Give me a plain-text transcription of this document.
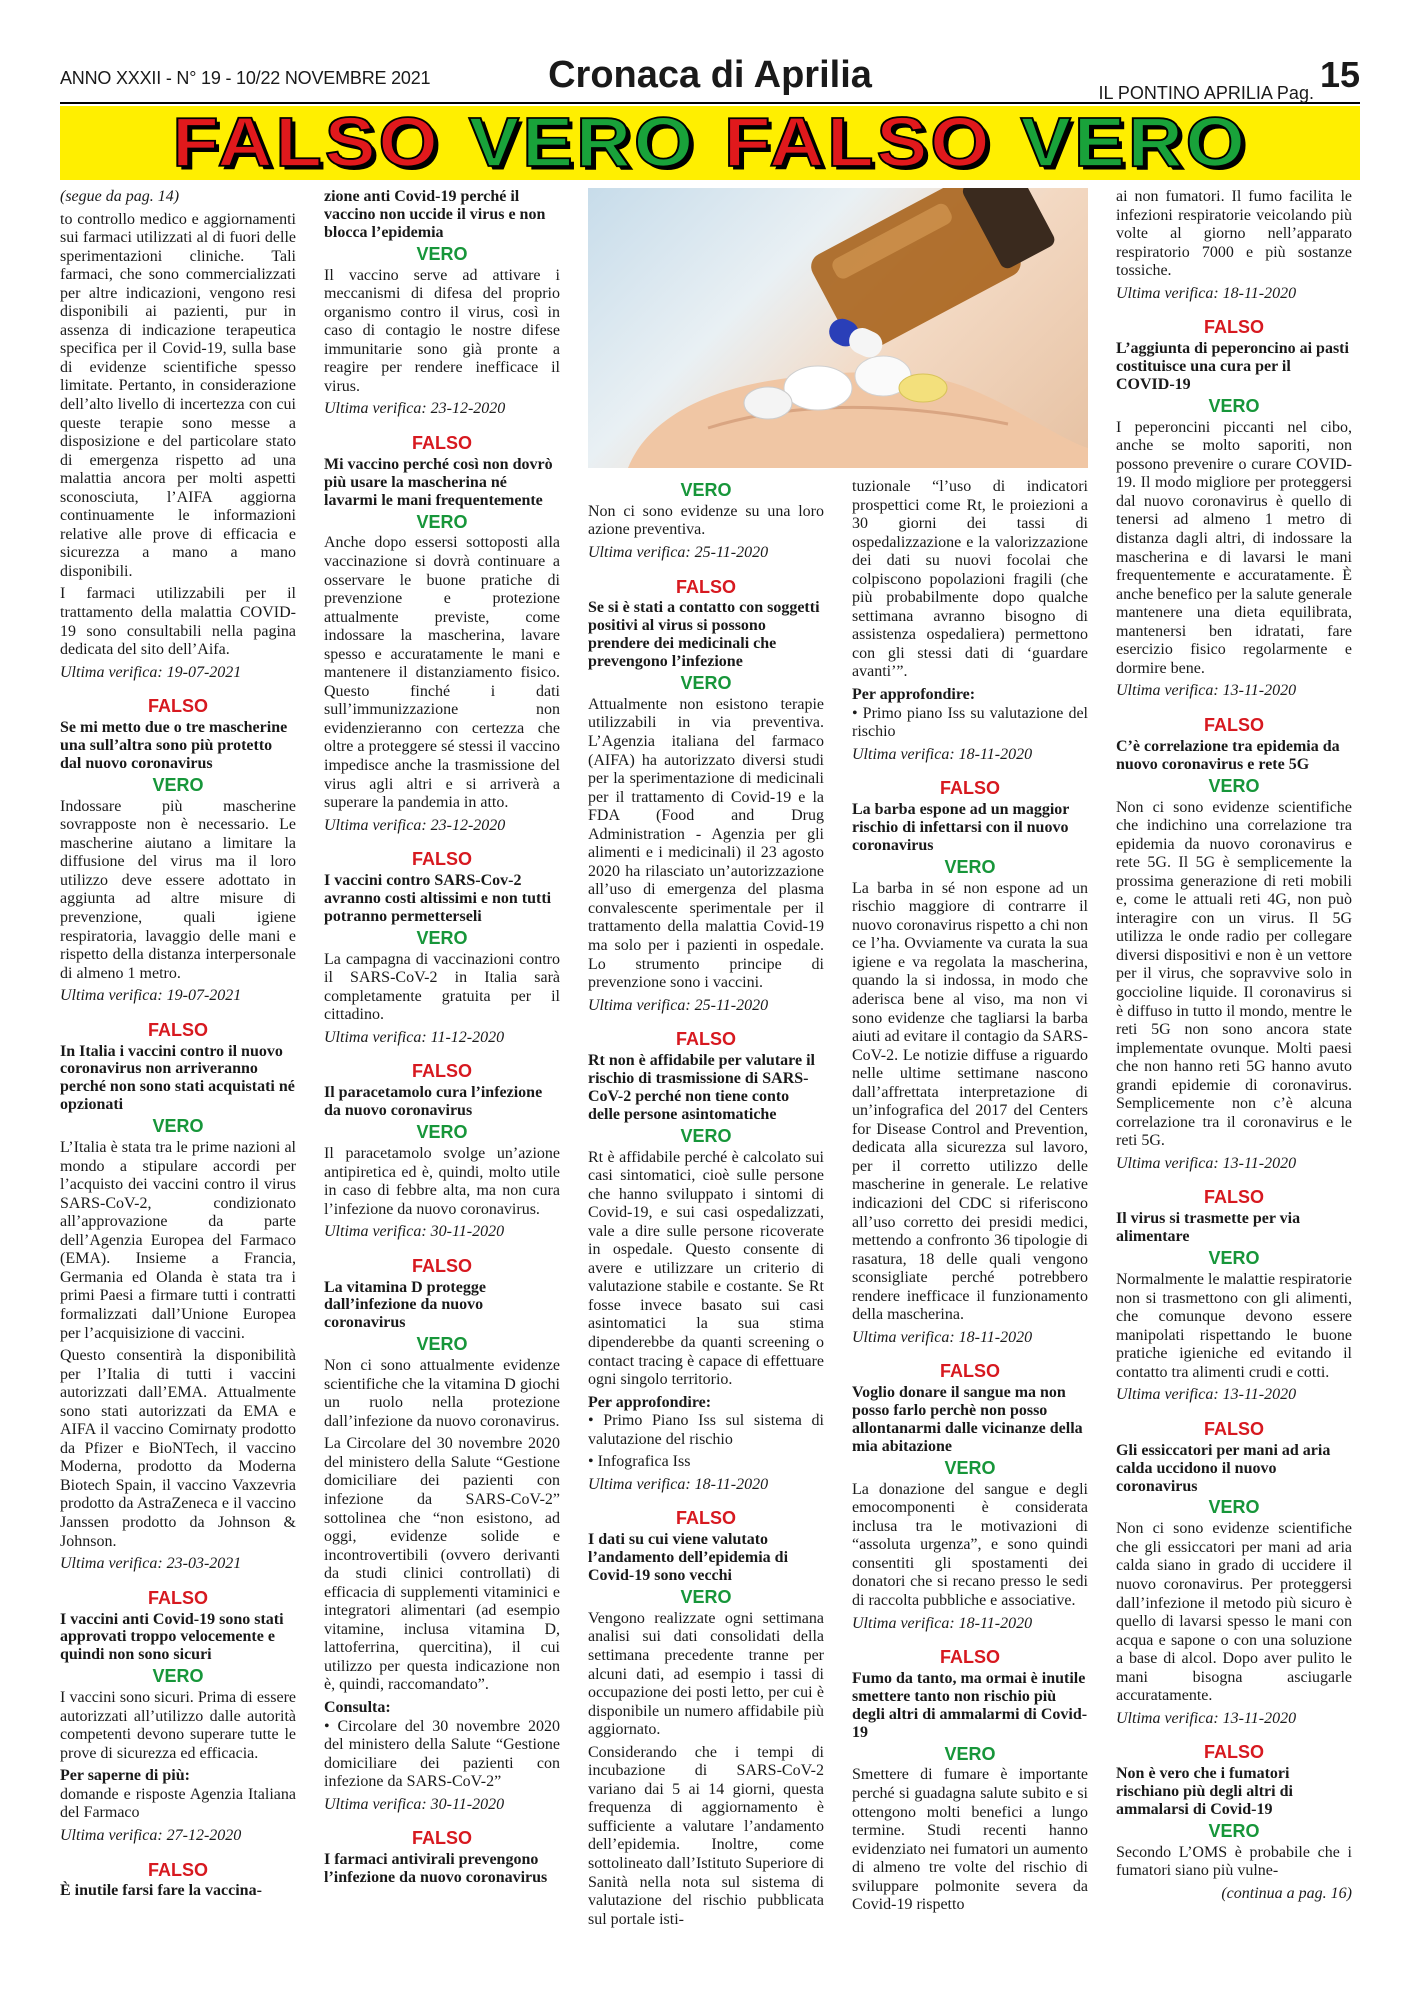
ANNO XXXII - N° 19 - 10/22 NOVEMBRE 2021	Cronaca di Aprilia	IL PONTINO APRILIA Pag. 15
FALSO VERO FALSO VERO

(segue da pag. 14)

to controllo medico e aggiornamenti sui farmaci utilizzati al di fuori delle sperimentazioni cliniche. Tali farmaci, che sono commercializzati per altre indicazioni, vengono resi disponibili ai pazienti, pur in assenza di indicazione terapeutica specifica per il Covid-19, sulla base di evidenze scientifiche spesso limitate. Pertanto, in considerazione dell’alto livello di incertezza con cui queste terapie sono messe a disposizione e del particolare stato di emergenza rispetto ad una malattia ancora per molti aspetti sconosciuta, l’AIFA aggiorna continuamente le informazioni relative alle prove di efficacia e sicurezza a mano a mano disponibili.

I farmaci utilizzabili per il trattamento della malattia COVID-19 sono consultabili nella pagina dedicata del sito dell’Aifa.

Ultima verifica: 19-07-2021

FALSO

Se mi metto due o tre mascherine una sull’altra sono più protetto dal nuovo coronavirus

VERO

Indossare più mascherine sovrapposte non è necessario. Le mascherine aiutano a limitare la diffusione del virus ma il loro utilizzo deve essere adottato in aggiunta ad altre misure di prevenzione, quali igiene respiratoria, lavaggio delle mani e rispetto della distanza interpersonale di almeno 1 metro.

Ultima verifica: 19-07-2021

FALSO

In Italia i vaccini contro il nuovo coronavirus non arriveranno perché non sono stati acquistati né opzionati

VERO

L’Italia è stata tra le prime nazioni al mondo a stipulare accordi per l’acquisto dei vaccini contro il virus SARS-CoV-2, condizionato all’approvazione da parte dell’Agenzia Europea del Farmaco (EMA). Insieme a Francia, Germania ed Olanda è stata tra i primi Paesi a firmare tutti i contratti formalizzati dall’Unione Europea per l’acquisizione di vaccini.

Questo consentirà la disponibilità per l’Italia di tutti i vaccini autorizzati dall’EMA. Attualmente sono stati autorizzati da EMA e AIFA il vaccino Comirnaty prodotto da Pfizer e BioNTech, il vaccino Moderna, prodotto da Moderna Biotech Spain, il vaccino Vaxzevria prodotto da AstraZeneca e il vaccino Janssen prodotto da Johnson & Johnson.

Ultima verifica: 23-03-2021

FALSO

I vaccini anti Covid-19 sono stati approvati troppo velocemente e quindi non sono sicuri

VERO

I vaccini sono sicuri. Prima di essere autorizzati all’utilizzo dalle autorità competenti devono superare tutte le prove di sicurezza ed efficacia.

Per saperne di più:

domande e risposte Agenzia Italiana del Farmaco

Ultima verifica: 27-12-2020

FALSO

È inutile farsi fare la vaccina-

zione anti Covid-19 perché il vaccino non uccide il virus e non blocca l’epidemia

VERO

Il vaccino serve ad attivare i meccanismi di difesa del proprio organismo contro il virus, così in caso di contagio le nostre difese immunitarie sono già pronte a reagire per rendere inefficace il virus.

Ultima verifica: 23-12-2020

FALSO

Mi vaccino perché così non dovrò più usare la mascherina né lavarmi le mani frequentemente

VERO

Anche dopo essersi sottoposti alla vaccinazione si dovrà continuare a osservare le buone pratiche di prevenzione e protezione attualmente previste, come indossare la mascherina, lavare spesso e accuratamente le mani e mantenere il distanziamento fisico. Questo finché i dati sull’immunizzazione non evidenzieranno con certezza che oltre a proteggere sé stessi il vaccino impedisce anche la trasmissione del virus agli altri e si arriverà a superare la pandemia in atto.

Ultima verifica: 23-12-2020

FALSO

I vaccini contro SARS-Cov-2 avranno costi altissimi e non tutti potranno permetterseli

VERO

La campagna di vaccinazioni contro il SARS-CoV-2 in Italia sarà completamente gratuita per il cittadino.

Ultima verifica: 11-12-2020

FALSO

Il paracetamolo cura l’infezione da nuovo coronavirus

VERO

Il paracetamolo svolge un’azione antipiretica ed è, quindi, molto utile in caso di febbre alta, ma non cura l’infezione da nuovo coronavirus.

Ultima verifica: 30-11-2020

FALSO

La vitamina D protegge dall’infezione da nuovo coronavirus

VERO

Non ci sono attualmente evidenze scientifiche che la vitamina D giochi un ruolo nella protezione dall’infezione da nuovo coronavirus.

La Circolare del 30 novembre 2020 del ministero della Salute “Gestione domiciliare dei pazienti con infezione da SARS-CoV-2” sottolinea che “non esistono, ad oggi, evidenze solide e incontrovertibili (ovvero derivanti da studi clinici controllati) di efficacia di supplementi vitaminici e integratori alimentari (ad esempio vitamine, inclusa vitamina D, lattoferrina, quercitina), il cui utilizzo per questa indicazione non è, quindi, raccomandato”.

Consulta:

• Circolare del 30 novembre 2020 del ministero della Salute “Gestione domiciliare dei pazienti con infezione da SARS-CoV-2”

Ultima verifica: 30-11-2020

FALSO

I farmaci antivirali prevengono l’infezione da nuovo coronavirus

VERO

Non ci sono evidenze su una loro azione preventiva.

Ultima verifica: 25-11-2020

FALSO

Se si è stati a contatto con soggetti positivi al virus si possono prendere dei medicinali che prevengono l’infezione

VERO

Attualmente non esistono terapie utilizzabili in via preventiva. L’Agenzia italiana del farmaco (AIFA) ha autorizzato diversi studi per la sperimentazione di medicinali per il trattamento di Covid-19 e la FDA (Food and Drug Administration - Agenzia per gli alimenti e i medicinali) il 23 agosto 2020 ha rilasciato un’autorizzazione all’uso di emergenza del plasma convalescente sperimentale per il trattamento della malattia Covid-19 ma solo per i pazienti in ospedale. Lo strumento principe di prevenzione sono i vaccini.

Ultima verifica: 25-11-2020

FALSO

Rt non è affidabile per valutare il rischio di trasmissione di SARS-CoV-2 perché non tiene conto delle persone asintomatiche

VERO

Rt è affidabile perché è calcolato sui casi sintomatici, cioè sulle persone che hanno sviluppato i sintomi di Covid-19, e sui casi ospedalizzati, vale a dire sulle persone ricoverate in ospedale. Questo consente di avere e utilizzare un criterio di valutazione stabile e costante. Se Rt fosse invece basato sui casi asintomatici la sua stima dipenderebbe da quanti screening o contact tracing è capace di effettuare ogni singolo territorio.

Per approfondire:

• Primo Piano Iss sul sistema di valutazione del rischio

• Infografica Iss

Ultima verifica: 18-11-2020

FALSO

I dati su cui viene valutato l’andamento dell’epidemia di Covid-19 sono vecchi

VERO

Vengono realizzate ogni settimana analisi sui dati consolidati della settimana precedente tranne per alcuni dati, ad esempio i tassi di occupazione dei posti letto, per cui è disponibile un numero affidabile più aggiornato.

Considerando che i tempi di incubazione di SARS-CoV-2 variano dai 5 ai 14 giorni, questa frequenza di aggiornamento è sufficiente a valutare l’andamento dell’epidemia. Inoltre, come sottolineato dall’Istituto Superiore di Sanità nella nota sul sistema di valutazione del rischio pubblicata sul portale isti-

tuzionale “l’uso di indicatori prospettici come Rt, le proiezioni a 30 giorni dei tassi di ospedalizzazione e la valorizzazione dei dati su nuovi focolai che colpiscono popolazioni fragili (che più probabilmente dopo qualche settimana avranno bisogno di assistenza ospedaliera) permettono con gli stessi dati di ‘guardare avanti’”.

Per approfondire:

• Primo piano Iss su valutazione del rischio

Ultima verifica: 18-11-2020

FALSO

La barba espone ad un maggior rischio di infettarsi con il nuovo coronavirus

VERO

La barba in sé non espone ad un rischio maggiore di contrarre il nuovo coronavirus rispetto a chi non ce l’ha. Ovviamente va curata la sua igiene e va regolata la mascherina, quando la si indossa, in modo che aderisca bene al viso, ma non vi sono evidenze che tagliarsi la barba aiuti ad evitare il contagio da SARS-CoV-2. Le notizie diffuse a riguardo nelle ultime settimane nascono dall’affrettata interpretazione di un’infografica del 2017 del Centers for Disease Control and Prevention, dedicata alla sicurezza sul lavoro, per il corretto utilizzo delle mascherine in generale. Le relative indicazioni del CDC si riferiscono all’uso corretto dei presidi medici, mettendo a confronto 36 tipologie di rasatura, 18 delle quali vengono sconsigliate perché potrebbero rendere inefficace il funzionamento della mascherina.

Ultima verifica: 18-11-2020

FALSO

Voglio donare il sangue ma non posso farlo perchè non posso allontanarmi dalle vicinanze della mia abitazione

VERO

La donazione del sangue e degli emocomponenti è considerata inclusa tra le motivazioni di “assoluta urgenza”, e sono quindi consentiti gli spostamenti dei donatori che si recano presso le sedi di raccolta pubbliche e associative.

Ultima verifica: 18-11-2020

FALSO

Fumo da tanto, ma ormai è inutile smettere tanto non rischio più degli altri di ammalarmi di Covid-19

VERO

Smettere di fumare è importante perché si guadagna salute subito e si ottengono molti benefici a lungo termine. Studi recenti hanno evidenziato nei fumatori un aumento di almeno tre volte del rischio di sviluppare polmonite severa da Covid-19 rispetto

ai non fumatori. Il fumo facilita le infezioni respiratorie veicolando più volte al giorno nell’apparato respiratorio 7000 e più sostanze tossiche.

Ultima verifica: 18-11-2020

FALSO

L’aggiunta di peperoncino ai pasti costituisce una cura per il COVID-19

VERO

I peperoncini piccanti nel cibo, anche se molto saporiti, non possono prevenire o curare COVID-19. Il modo migliore per proteggersi dal nuovo coronavirus è quello di tenersi ad almeno 1 metro di distanza dagli altri, di indossare la mascherina e di lavarsi le mani frequentemente e accuratamente. È anche benefico per la salute generale mantenere una dieta equilibrata, mantenersi ben idratati, fare esercizio fisico regolarmente e dormire bene.

Ultima verifica: 13-11-2020

FALSO

C’è correlazione tra epidemia da nuovo coronavirus e rete 5G

VERO

Non ci sono evidenze scientifiche che indichino una correlazione tra epidemia da nuovo coronavirus e rete 5G. Il 5G è semplicemente la prossima generazione di reti mobili e, come le attuali reti 4G, non può interagire con un virus. Il 5G utilizza le onde radio per collegare diversi dispositivi e non è un vettore per il virus, che sopravvive solo in goccioline liquide. Il coronavirus si è diffuso in tutto il mondo, mentre le reti 5G non sono ancora state implementate ovunque. Molti paesi che non hanno reti 5G hanno avuto grandi epidemie di coronavirus. Semplicemente non c’è alcuna correlazione tra il coronavirus e le reti 5G.

Ultima verifica: 13-11-2020

FALSO

Il virus si trasmette per via alimentare

VERO

Normalmente le malattie respiratorie non si trasmettono con gli alimenti, che comunque devono essere manipolati rispettando le buone pratiche igieniche ed evitando il contatto tra alimenti crudi e cotti.

Ultima verifica: 13-11-2020

FALSO

Gli essiccatori per mani ad aria calda uccidono il nuovo coronavirus

VERO

Non ci sono evidenze scientifiche che gli essiccatori per mani ad aria calda siano in grado di uccidere il nuovo coronavirus. Per proteggersi dall’infezione il metodo più sicuro è quello di lavarsi spesso le mani con acqua e sapone o con una soluzione a base di alcol. Dopo aver pulito le mani bisogna asciugarle accuratamente.

Ultima verifica: 13-11-2020

FALSO

Non è vero che i fumatori rischiano più degli altri di ammalarsi di Covid-19

VERO

Secondo L’OMS è probabile che i fumatori siano più vulne-

(continua a pag. 16)
